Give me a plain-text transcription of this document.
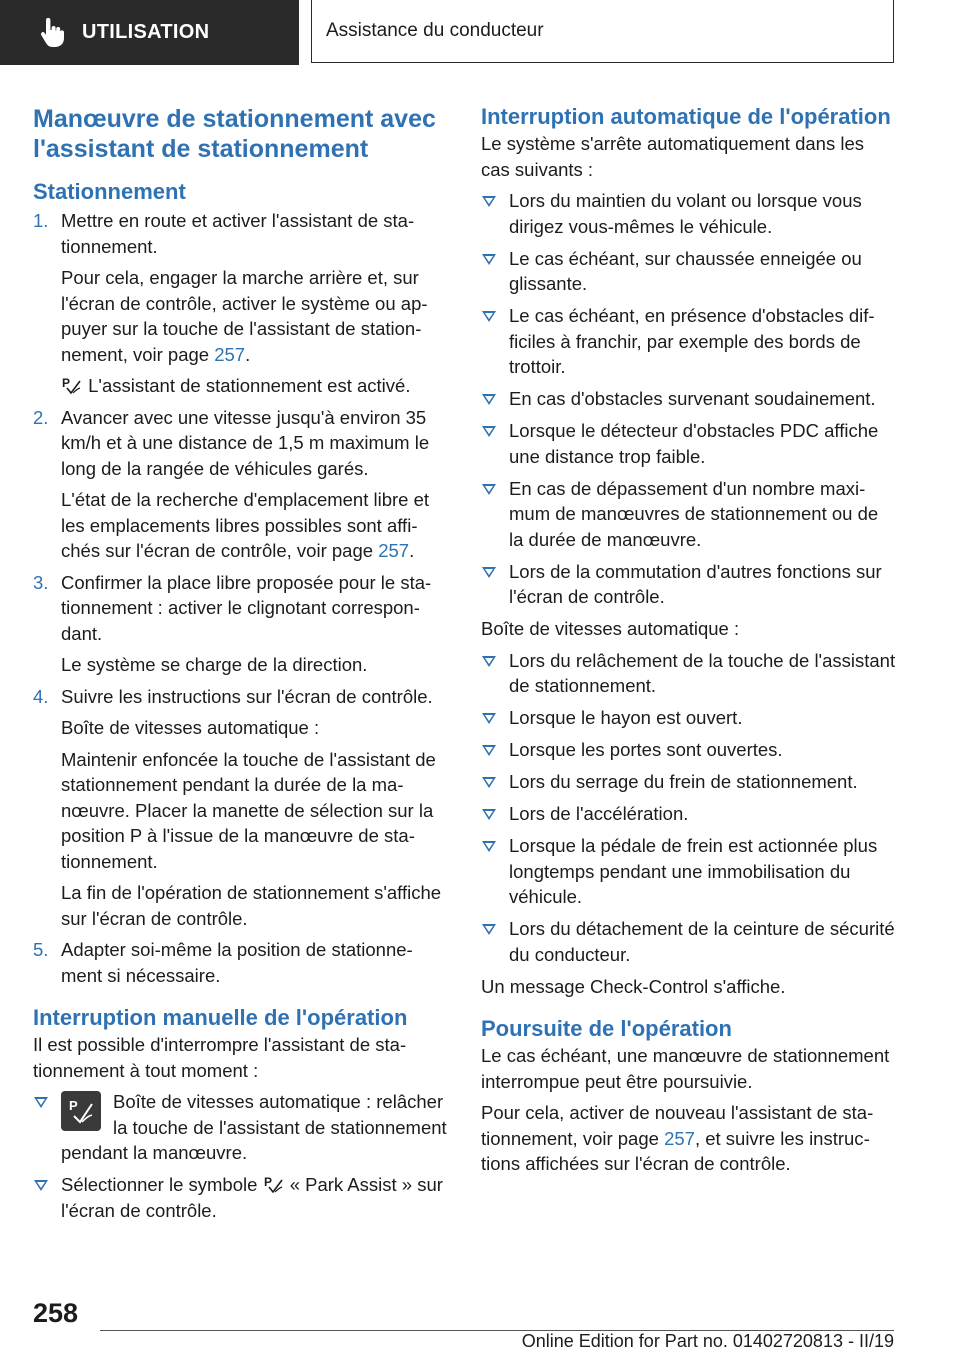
UTILISATION	Assistance du conducteur
Manœuvre de stationnement avec l'assistant de stationnement
Stationnement
1. Mettre en route et activer l'assistant de stationnement.

Pour cela, engager la marche arrière et, sur l'écran de contrôle, activer le système ou appuyer sur la touche de l'assistant de stationnement, voir page 257.

P L'assistant de stationnement est activé.

2. Avancer avec une vitesse jusqu'à environ 35 km/h et à une distance de 1,5 m maximum le long de la rangée de véhicules garés.

L'état de la recherche d'emplacement libre et les emplacements libres possibles sont affichés sur l'écran de contrôle, voir page 257.

3. Confirmer la place libre proposée pour le stationnement : activer le clignotant correspondant.

Le système se charge de la direction.

4. Suivre les instructions sur l'écran de contrôle.

Boîte de vitesses automatique :

Maintenir enfoncée la touche de l'assistant de stationnement pendant la durée de la manœuvre. Placer la manette de sélection sur la position P à l'issue de la manœuvre de stationnement.

La fin de l'opération de stationnement s'affiche sur l'écran de contrôle.

5. Adapter soi-même la position de stationnement si nécessaire.

Interruption manuelle de l'opération

Il est possible d'interrompre l'assistant de stationnement à tout moment :

P Boîte de vitesses automatique : relâcher la touche de l'assistant de stationnement pendant la manœuvre.
Sélectionner le symbole P « Park Assist » sur l'écran de contrôle.
Interruption automatique de l'opération

Le système s'arrête automatiquement dans les cas suivants :

Lors du maintien du volant ou lorsque vous dirigez vous-mêmes le véhicule.
Le cas échéant, sur chaussée enneigée ou glissante.
Le cas échéant, en présence d'obstacles difficiles à franchir, par exemple des bords de trottoir.
En cas d'obstacles survenant soudainement.
Lorsque le détecteur d'obstacles PDC affiche une distance trop faible.
En cas de dépassement d'un nombre maximum de manœuvres de stationnement ou de la durée de manœuvre.
Lors de la commutation d'autres fonctions sur l'écran de contrôle.

Boîte de vitesses automatique :

Lors du relâchement de la touche de l'assistant de stationnement.
Lorsque le hayon est ouvert.
Lorsque les portes sont ouvertes.
Lors du serrage du frein de stationnement.
Lors de l'accélération.
Lorsque la pédale de frein est actionnée plus longtemps pendant une immobilisation du véhicule.
Lors du détachement de la ceinture de sécurité du conducteur.

Un message Check-Control s'affiche.

Poursuite de l'opération

Le cas échéant, une manœuvre de stationnement interrompue peut être poursuivie.

Pour cela, activer de nouveau l'assistant de stationnement, voir page 257, et suivre les instructions affichées sur l'écran de contrôle.

258
Online Edition for Part no. 01402720813 - II/19
